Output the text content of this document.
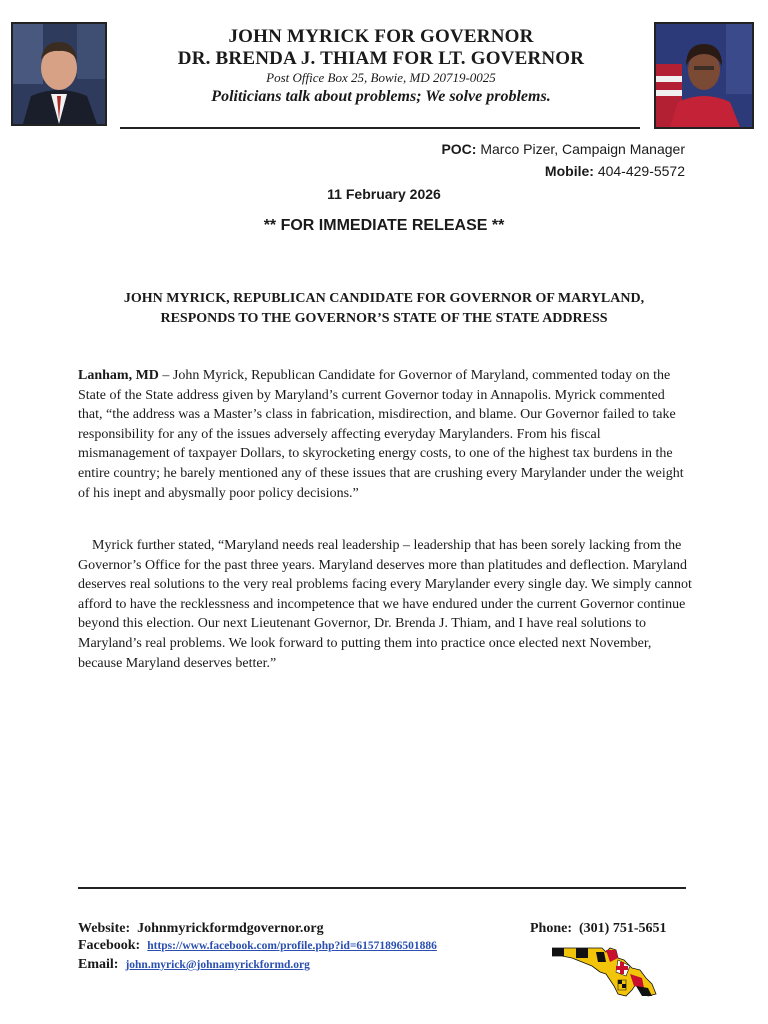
JOHN MYRICK FOR GOVERNOR
DR. BRENDA J. THIAM FOR LT. GOVERNOR
Post Office Box 25, Bowie, MD 20719-0025
Politicians talk about problems; We solve problems.
POC: Marco Pizer, Campaign Manager
Mobile: 404-429-5572
11 February 2026
** FOR IMMEDIATE RELEASE **
JOHN MYRICK, REPUBLICAN CANDIDATE FOR GOVERNOR OF MARYLAND,
RESPONDS TO THE GOVERNOR’S STATE OF THE STATE ADDRESS
Lanham, MD – John Myrick, Republican Candidate for Governor of Maryland, commented today on the State of the State address given by Maryland’s current Governor today in Annapolis. Myrick commented that, “the address was a Master’s class in fabrication, misdirection, and blame. Our Governor failed to take responsibility for any of the issues adversely affecting everyday Marylanders. From his fiscal mismanagement of taxpayer Dollars, to skyrocketing energy costs, to one of the highest tax burdens in the entire country; he barely mentioned any of these issues that are crushing every Marylander under the weight of his inept and abysmally poor policy decisions.”
Myrick further stated, “Maryland needs real leadership – leadership that has been sorely lacking from the Governor’s Office for the past three years. Maryland deserves more than platitudes and deflection. Maryland deserves real solutions to the very real problems facing every Marylander every single day. We simply cannot afford to have the recklessness and incompetence that we have endured under the current Governor continue beyond this election. Our next Lieutenant Governor, Dr. Brenda J. Thiam, and I have real solutions to Maryland’s real problems. We look forward to putting them into practice once elected next November, because Maryland deserves better.”
Website: Johnmyrickformdgovernor.org
Facebook: https://www.facebook.com/profile.php?id=61571896501886
Email: john.myrick@johnamyrickformd.org
Phone: (301) 751-5651
